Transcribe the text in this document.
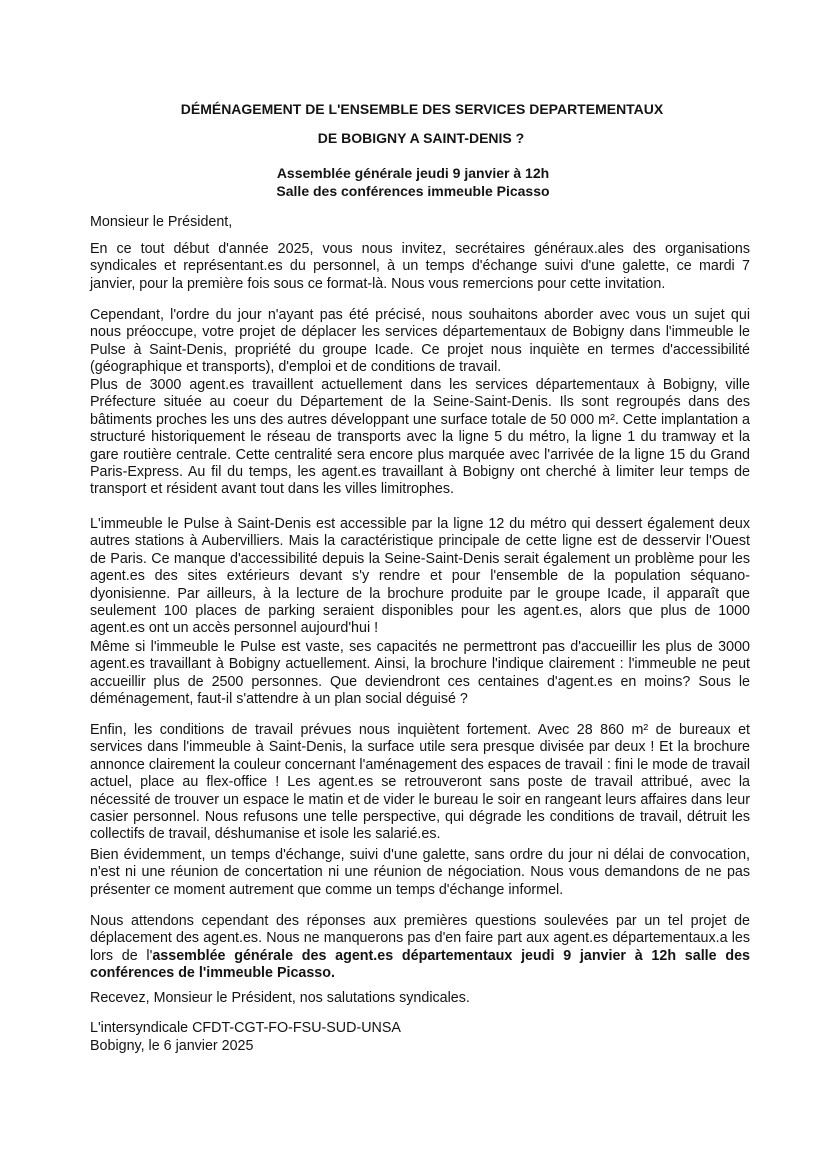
DÉMÉNAGEMENT DE L'ENSEMBLE DES SERVICES DEPARTEMENTAUX
DE BOBIGNY A SAINT-DENIS ?
Assemblée générale jeudi 9 janvier à 12h
Salle des conférences immeuble Picasso

Monsieur le Président,

En ce tout début d'année 2025, vous nous invitez, secrétaires généraux.ales des organisations syndicales et représentant.es du personnel, à un temps d'échange suivi d'une galette, ce mardi 7 janvier, pour la première fois sous ce format-là. Nous vous remercions pour cette invitation.

Cependant, l'ordre du jour n'ayant pas été précisé, nous souhaitons aborder avec vous un sujet qui nous préoccupe, votre projet de déplacer les services départementaux de Bobigny dans l'immeuble le Pulse à Saint-Denis, propriété du groupe Icade. Ce projet nous inquiète en termes d'accessibilité (géographique et transports), d'emploi et de conditions de travail.

Plus de 3000 agent.es travaillent actuellement dans les services départementaux à Bobigny, ville Préfecture située au coeur du Département de la Seine-Saint-Denis. Ils sont regroupés dans des bâtiments proches les uns des autres développant une surface totale de 50 000 m². Cette implantation a structuré historiquement le réseau de transports avec la ligne 5 du métro, la ligne 1 du tramway et la gare routière centrale. Cette centralité sera encore plus marquée avec l'arrivée de la ligne 15 du Grand Paris-Express. Au fil du temps, les agent.es travaillant à Bobigny ont cherché à limiter leur temps de transport et résident avant tout dans les villes limitrophes.

L'immeuble le Pulse à Saint-Denis est accessible par la ligne 12 du métro qui dessert également deux autres stations à Aubervilliers. Mais la caractéristique principale de cette ligne est de desservir l'Ouest de Paris. Ce manque d'accessibilité depuis la Seine-Saint-Denis serait également un problème pour les agent.es des sites extérieurs devant s'y rendre et pour l'ensemble de la population séquano-dyonisienne. Par ailleurs, à la lecture de la brochure produite par le groupe Icade, il apparaît que seulement 100 places de parking seraient disponibles pour les agent.es, alors que plus de 1000 agent.es ont un accès personnel aujourd'hui !

Même si l'immeuble le Pulse est vaste, ses capacités ne permettront pas d'accueillir les plus de 3000 agent.es travaillant à Bobigny actuellement. Ainsi, la brochure l'indique clairement : l'immeuble ne peut accueillir plus de 2500 personnes. Que deviendront ces centaines d'agent.es en moins? Sous le déménagement, faut-il s'attendre à un plan social déguisé ?

Enfin, les conditions de travail prévues nous inquiètent fortement. Avec 28 860 m² de bureaux et services dans l'immeuble à Saint-Denis, la surface utile sera presque divisée par deux ! Et la brochure annonce clairement la couleur concernant l'aménagement des espaces de travail : fini le mode de travail actuel, place au flex-office ! Les agent.es se retrouveront sans poste de travail attribué, avec la nécessité de trouver un espace le matin et de vider le bureau le soir en rangeant leurs affaires dans leur casier personnel. Nous refusons une telle perspective, qui dégrade les conditions de travail, détruit les collectifs de travail, déshumanise et isole les salarié.es.

Bien évidemment, un temps d'échange, suivi d'une galette, sans ordre du jour ni délai de convocation, n'est ni une réunion de concertation ni une réunion de négociation. Nous vous demandons de ne pas présenter ce moment autrement que comme un temps d'échange informel.

Nous attendons cependant des réponses aux premières questions soulevées par un tel projet de déplacement des agent.es. Nous ne manquerons pas d'en faire part aux agent.es départementaux.a les lors de l'assemblée générale des agent.es départementaux jeudi 9 janvier à 12h salle des conférences de l'immeuble Picasso.

Recevez, Monsieur le Président, nos salutations syndicales.

L'intersyndicale CFDT-CGT-FO-FSU-SUD-UNSA

Bobigny, le 6 janvier 2025
